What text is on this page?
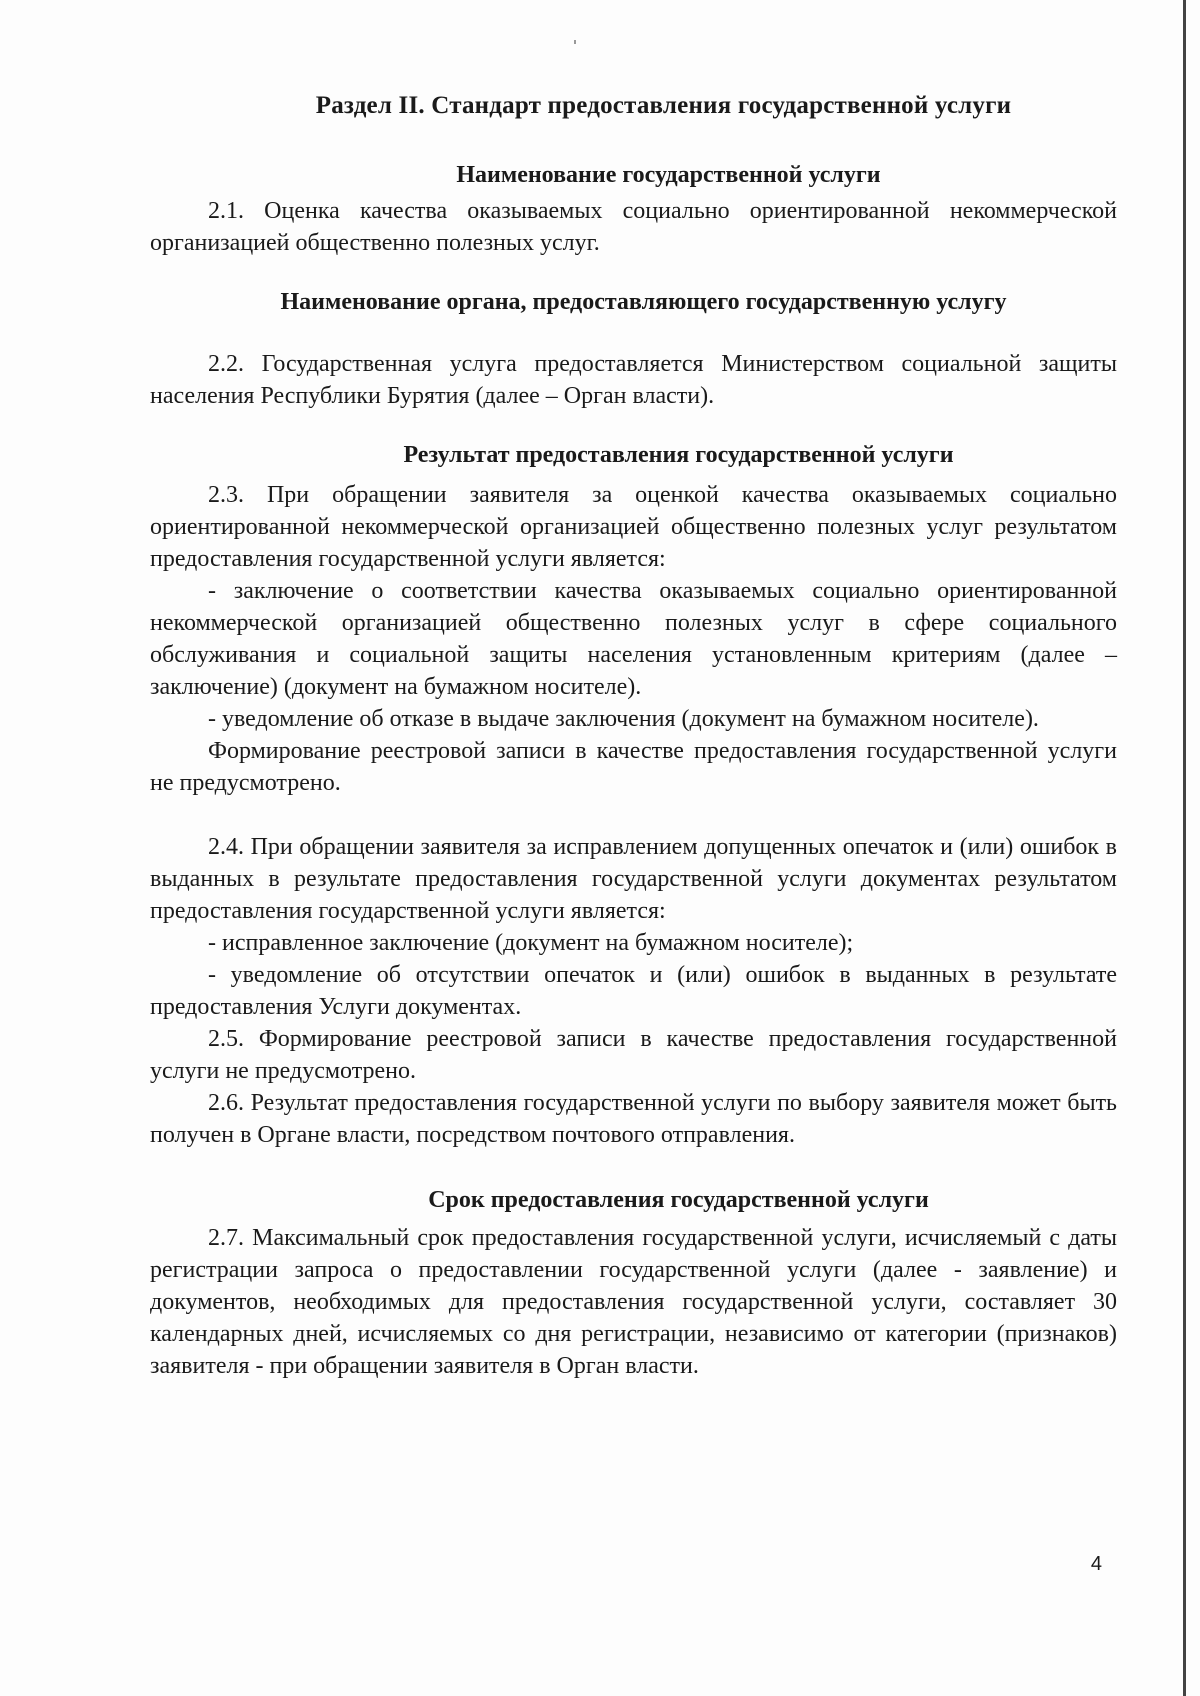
Раздел II. Стандарт предоставления государственной услуги
Наименование государственной услуги

2.1. Оценка качества оказываемых социально ориентированной некоммерческой организацией общественно полезных услуг.

Наименование органа, предоставляющего государственную услугу

2.2. Государственная услуга предоставляется Министерством социальной защиты населения Республики Бурятия (далее – Орган власти).

Результат предоставления государственной услуги

2.3. При обращении заявителя за оценкой качества оказываемых социально ориентированной некоммерческой организацией общественно полезных услуг результатом предоставления государственной услуги является:

- заключение о соответствии качества оказываемых социально ориентированной некоммерческой организацией общественно полезных услуг в сфере социального обслуживания и социальной защиты населения установленным критериям (далее – заключение) (документ на бумажном носителе).

- уведомление об отказе в выдаче заключения (документ на бумажном носителе).

Формирование реестровой записи в качестве предоставления государственной услуги не предусмотрено.

2.4. При обращении заявителя за исправлением допущенных опечаток и (или) ошибок в выданных в результате предоставления государственной услуги документах результатом предоставления государственной услуги является:

- исправленное заключение (документ на бумажном носителе);

- уведомление об отсутствии опечаток и (или) ошибок в выданных в результате предоставления Услуги документах.

2.5. Формирование реестровой записи в качестве предоставления государственной услуги не предусмотрено.

2.6. Результат предоставления государственной услуги по выбору заявителя может быть получен в Органе власти, посредством почтового отправления.

Срок предоставления государственной услуги

2.7. Максимальный срок предоставления государственной услуги, исчисляемый с даты регистрации запроса о предоставлении государственной услуги (далее - заявление) и документов, необходимых для предоставления государственной услуги, составляет 30 календарных дней, исчисляемых со дня регистрации, независимо от категории (признаков) заявителя - при обращении заявителя в Орган власти.

4
